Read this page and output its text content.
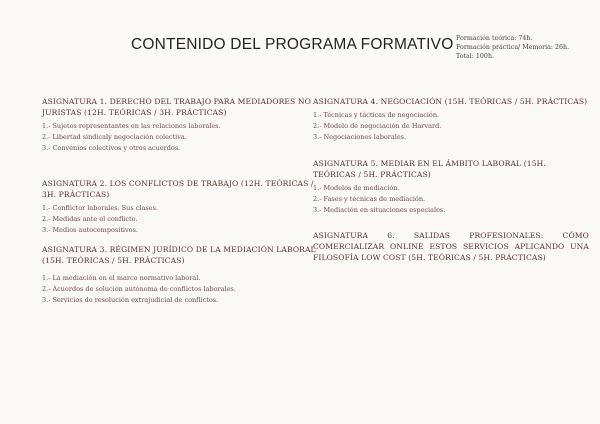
CONTENIDO DEL PROGRAMA FORMATIVO Formación teórica: 74h.
Formación práctica/ Memoria: 26h.
Total: 100h.
ASIGNATURA 1. DERECHO DEL TRABAJO PARA MEDIADORES NO JURISTAS (12H. TEÓRICAS / 3H. PRÁCTICAS)
1.- Sujetos representantes en las relaciones laborales.
2.- Libertad sindicaly negociación colectiva.
3.- Convenios colectivos y otros acuerdos.
ASIGNATURA 2. LOS CONFLICTOS DE TRABAJO (12H. TEÓRICAS / 3H. PRÁCTICAS)
1.- Conflictor laborales. Sus clases.
2.- Medidas ante el conflicto.
3.- Medios autocompositivos.
ASIGNATURA 3. RÉGIMEN JURÍDICO DE LA MEDIACIÓN LABORAL (15H. TEÓRICAS / 5H. PRÁCTICAS)
1.- La mediación en el marco normativo laboral.
2.- Acuerdos de solución autónoma de conflictos laborales.
3.- Servicios de resolución extrajudicial de conflictos.
ASIGNATURA 4. NEGOCIACIÓN (15H. TEÓRICAS / 5H. PRÁCTICAS)
1.- Técnicas y tácticas de negociación.
2.- Modelo de negociación de Harvard.
3.- Negociaciones laborales.
ASIGNATURA 5. MEDIAR EN EL ÁMBITO LABORAL (15H. TEÓRICAS / 5H. PRÁCTICAS)
1.- Modelos de mediación.
2.- Fases y técnicas de mediación.
3.- Mediación en situaciones especiales.
ASIGNATURA 6. SALIDAS PROFESIONALES: CÓMO COMERCIALIZAR ONLINE ESTOS SERVICIOS APLICANDO UNA FILOSOFÍA LOW COST (5H. TEÓRICAS / 5H. PRÁCTICAS)
